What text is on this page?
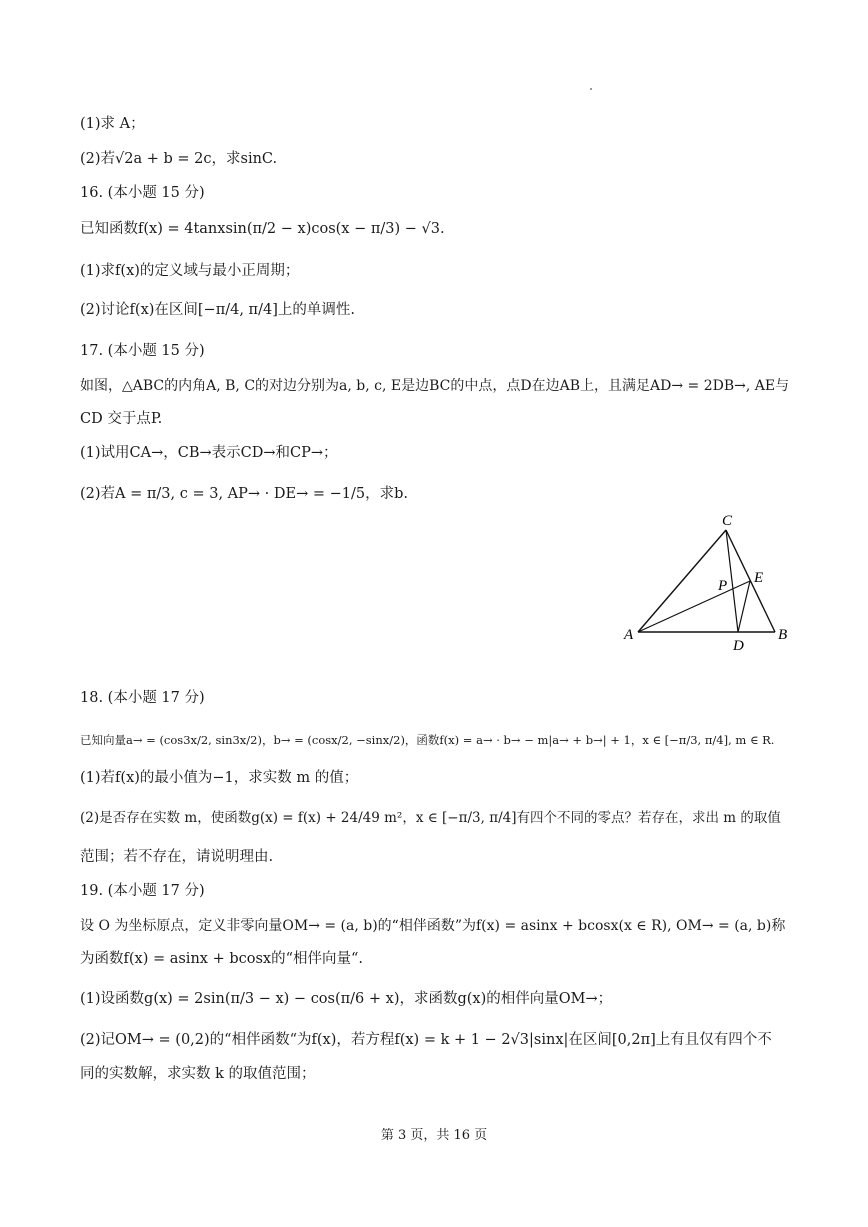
(1)求 A；
(2)若√2a + b = 2c，求sinC.
16. (本小题 15 分)
已知函数f(x) = 4tanxsin(π/2 − x)cos(x − π/3) − √3.
(1)求f(x)的定义域与最小正周期；
(2)讨论f(x)在区间[−π/4, π/4]上的单调性.
17. (本小题 15 分)
如图，△ABC的内角A, B, C的对边分别为a, b, c, E是边BC的中点，点D在边AB上，且满足AD→ = 2DB→, AE与
CD 交于点P.
(1)试用CA→，CB→表示CD→和CP→；
(2)若A = π/3, c = 3, AP→ · DE→ = −1/5，求b.
A	B
C
D
E
P
18. (本小题 17 分)
已知向量a→ = (cos3x/2, sin3x/2)，b→ = (cosx/2, −sinx/2)，函数f(x) = a→ · b→ − m|a→ + b→| + 1，x ∈ [−π/3, π/4], m ∈ R.
(1)若f(x)的最小值为−1，求实数 m 的值；
(2)是否存在实数 m，使函数g(x) = f(x) + 24/49 m²，x ∈ [−π/3, π/4]有四个不同的零点？若存在，求出 m 的取值
范围；若不存在，请说明理由.
19. (本小题 17 分)
设 O 为坐标原点，定义非零向量OM→ = (a, b)的“相伴函数”为f(x) = asinx + bcosx(x ∈ R), OM→ = (a, b)称
为函数f(x) = asinx + bcosx的“相伴向量“.
(1)设函数g(x) = 2sin(π/3 − x) − cos(π/6 + x)，求函数g(x)的相伴向量OM→；
(2)记OM→ = (0,2)的“相伴函数“为f(x)，若方程f(x) = k + 1 − 2√3|sinx|在区间[0,2π]上有且仅有四个不
同的实数解，求实数 k 的取值范围；
第 3 页，共 16 页
